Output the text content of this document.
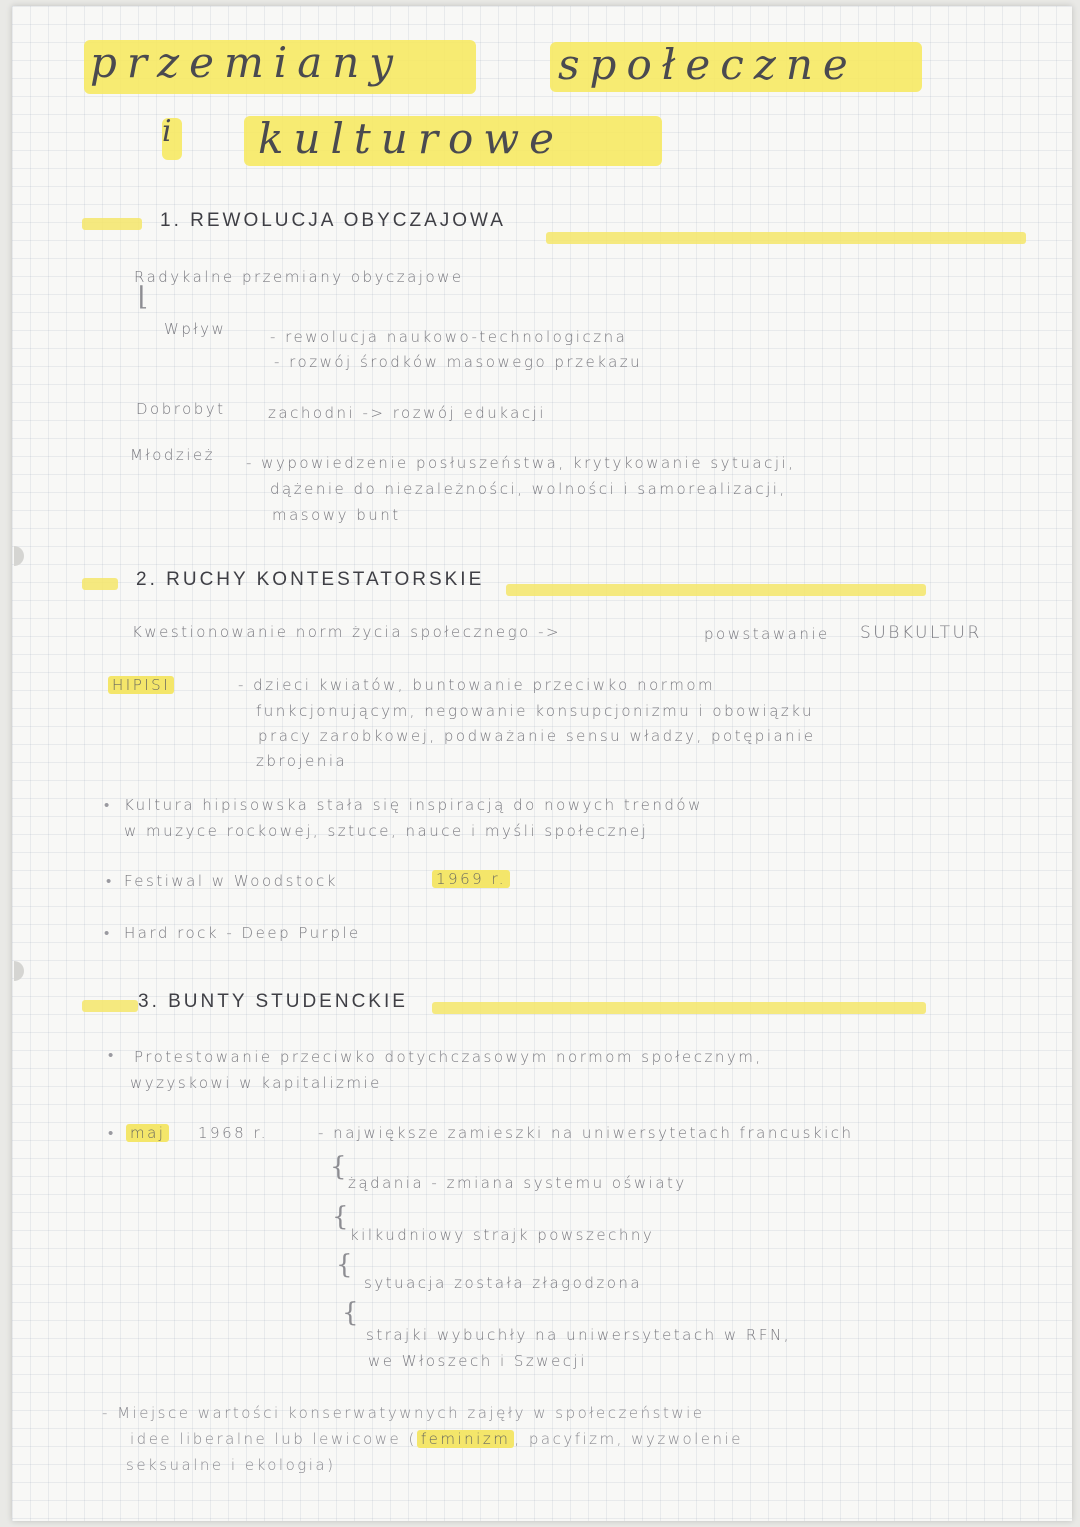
przemiany	społeczne
i kulturowe
1. REWOLUCJA OBYCZAJOWA
Radykalne przemiany obyczajowe
⌊
Wpływ	- rewolucja naukowo-technologiczna
- rozwój środków masowego przekazu
Dobrobyt	zachodni -> rozwój edukacji
Młodzież - wypowiedzenie posłuszeństwa, krytykowanie sytuacji,
dążenie do niezależności, wolności i samorealizacji,
masowy bunt
2. RUCHY KONTESTATORSKIE
Kwestionowanie norm życia społecznego ->	powstawanie SUBKULTUR
HIPISI	- dzieci kwiatów, buntowanie przeciwko normom
funkcjonującym, negowanie konsupcjonizmu i obowiązku
pracy zarobkowej, podważanie sensu władzy, potępianie
zbrojenia
• Kultura hipisowska stała się inspiracją do nowych trendów
w muzyce rockowej, sztuce, nauce i myśli społecznej
• Festiwal w Woodstock	1969 r.
• Hard rock - Deep Purple
3. BUNTY STUDENCKIE
• Protestowanie przeciwko dotychczasowym normom społecznym,
wyzyskowi w kapitalizmie
• maj 1968 r.	- największe zamieszki na uniwersytetach francuskich
{
żądania - zmiana systemu oświaty
{
kilkudniowy strajk powszechny
{
sytuacja została złagodzona
{
strajki wybuchły na uniwersytetach w RFN,
we Włoszech i Szwecji
- Miejsce wartości konserwatywnych zajęły w społeczeństwie
idee liberalne lub lewicowe ( feminizm , pacyfizm, wyzwolenie
seksualne i ekologia)
